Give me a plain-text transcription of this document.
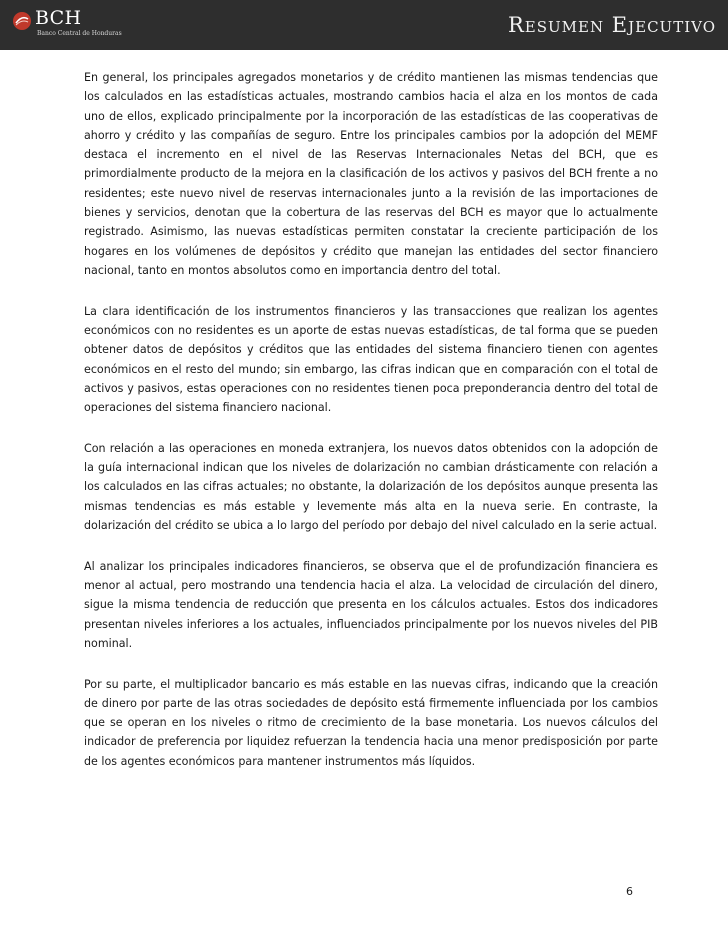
BCH
Banco Central de Honduras	Resumen Ejecutivo

En general, los principales agregados monetarios y de crédito mantienen las mismas tendencias que los calculados en las estadísticas actuales, mostrando cambios hacia el alza en los montos de cada uno de ellos, explicado principalmente por la incorporación de las estadísticas de las cooperativas de ahorro y crédito y las compañías de seguro. Entre los principales cambios por la adopción del MEMF destaca el incremento en el nivel de las Reservas Internacionales Netas del BCH, que es primordialmente producto de la mejora en la clasificación de los activos y pasivos del BCH frente a no residentes; este nuevo nivel de reservas internacionales junto a la revisión de las importaciones de bienes y servicios, denotan que la cobertura de las reservas del BCH es mayor que lo actualmente registrado. Asimismo, las nuevas estadísticas permiten constatar la creciente participación de los hogares en los volúmenes de depósitos y crédito que manejan las entidades del sector financiero nacional, tanto en montos absolutos como en importancia dentro del total.

La clara identificación de los instrumentos financieros y las transacciones que realizan los agentes económicos con no residentes es un aporte de estas nuevas estadísticas, de tal forma que se pueden obtener datos de depósitos y créditos que las entidades del sistema financiero tienen con agentes económicos en el resto del mundo; sin embargo, las cifras indican que en comparación con el total de activos y pasivos, estas operaciones con no residentes tienen poca preponderancia dentro del total de operaciones del sistema financiero nacional.

Con relación a las operaciones en moneda extranjera, los nuevos datos obtenidos con la adopción de la guía internacional indican que los niveles de dolarización no cambian drásticamente con relación a los calculados en las cifras actuales; no obstante, la dolarización de los depósitos aunque presenta las mismas tendencias es más estable y levemente más alta en la nueva serie. En contraste, la dolarización del crédito se ubica a lo largo del período por debajo del nivel calculado en la serie actual.

Al analizar los principales indicadores financieros, se observa que el de profundización financiera es menor al actual, pero mostrando una tendencia hacia el alza. La velocidad de circulación del dinero, sigue la misma tendencia de reducción que presenta en los cálculos actuales. Estos dos indicadores presentan niveles inferiores a los actuales, influenciados principalmente por los nuevos niveles del PIB nominal.

Por su parte, el multiplicador bancario es más estable en las nuevas cifras, indicando que la creación de dinero por parte de las otras sociedades de depósito está firmemente influenciada por los cambios que se operan en los niveles o ritmo de crecimiento de la base monetaria. Los nuevos cálculos del indicador de preferencia por liquidez refuerzan la tendencia hacia una menor predisposición por parte de los agentes económicos para mantener instrumentos más líquidos.

6
